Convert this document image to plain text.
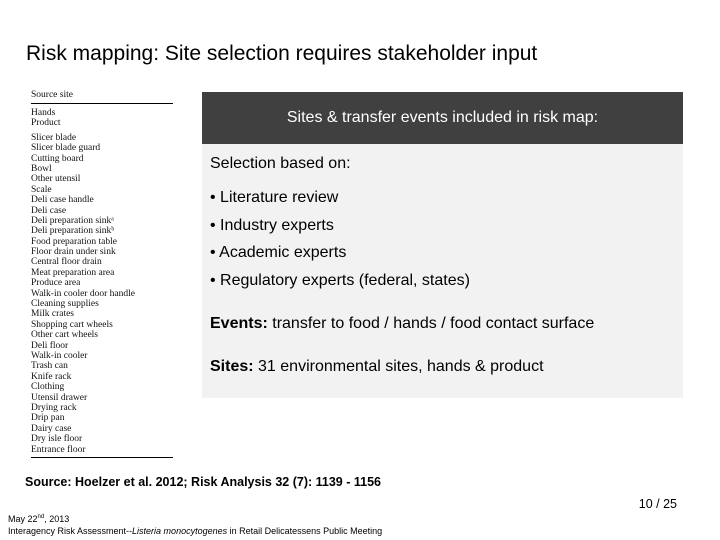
Risk mapping: Site selection requires stakeholder input
Source site
Hands
Product
Slicer blade
Slicer blade guard
Cutting board
Bowl
Other utensil
Scale
Deli case handle
Deli case
Deli preparation sinkᵃ
Deli preparation sinkᵇ
Food preparation table
Floor drain under sink
Central floor drain
Meat preparation area
Produce area
Walk-in cooler door handle
Cleaning supplies
Milk crates
Shopping cart wheels
Other cart wheels
Deli floor
Walk-in cooler
Trash can
Knife rack
Clothing
Utensil drawer
Drying rack
Drip pan
Dairy case
Dry isle floor
Entrance floor
Sites & transfer events included in risk map:
Selection based on:
• Literature review
• Industry experts
• Academic experts
• Regulatory experts (federal, states)
Events: transfer to food / hands / food contact surface
Sites: 31 environmental sites, hands & product
Source: Hoelzer et al. 2012; Risk Analysis 32 (7): 1139 - 1156
10 / 25
May 22nd, 2013
Interagency Risk Assessment--Listeria monocytogenes in Retail Delicatessens Public Meeting
